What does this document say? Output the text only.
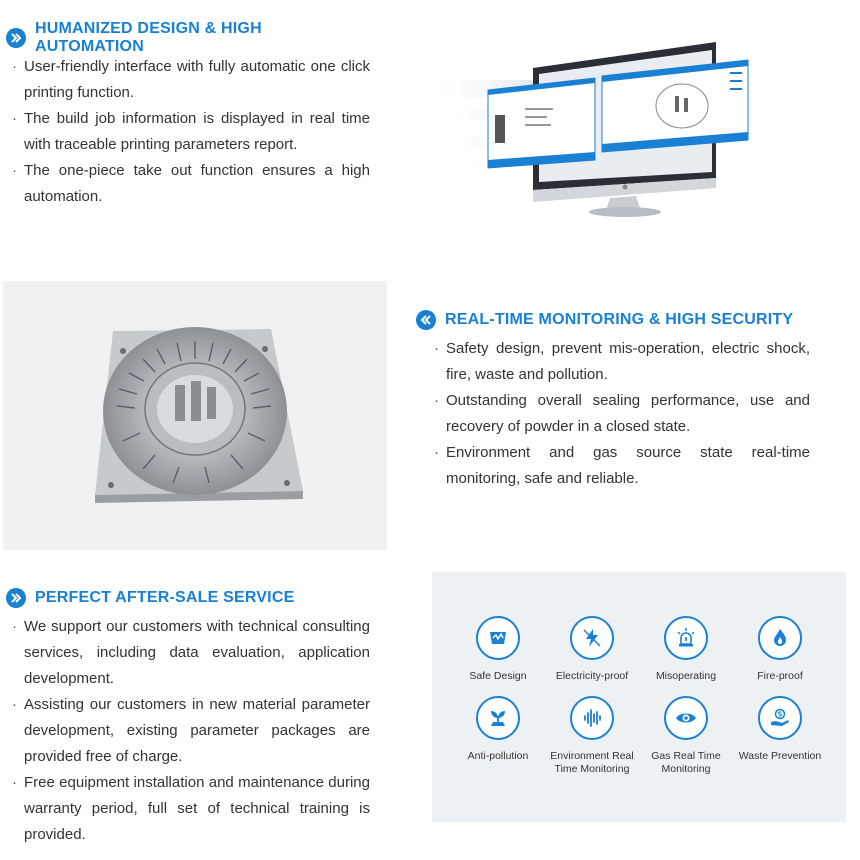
HUMANIZED DESIGN & HIGH AUTOMATION
· User-friendly interface with fully automatic one click printing function.
· The build job information is displayed in real time with traceable printing parameters report.
· The one-piece take out function ensures a high automation.
REAL-TIME MONITORING & HIGH SECURITY
· Safety design, prevent mis-operation, electric shock, fire, waste and pollution.
· Outstanding overall sealing performance, use and recovery of powder in a closed state.
· Environment and gas source state real-time monitoring, safe and reliable.
PERFECT AFTER-SALE SERVICE
· We support our customers with technical consulting services, including data evaluation, application development.
· Assisting our customers in new material parameter development, existing parameter packages are provided free of charge.
· Free equipment installation and maintenance during warranty period, full set of technical training is provided.
Safe Design	Electricity-proof	Misoperating	Fire-proof
Anti-pollution	Environment Real Time Monitoring
Gas Real Time Monitoring
Waste Prevention
